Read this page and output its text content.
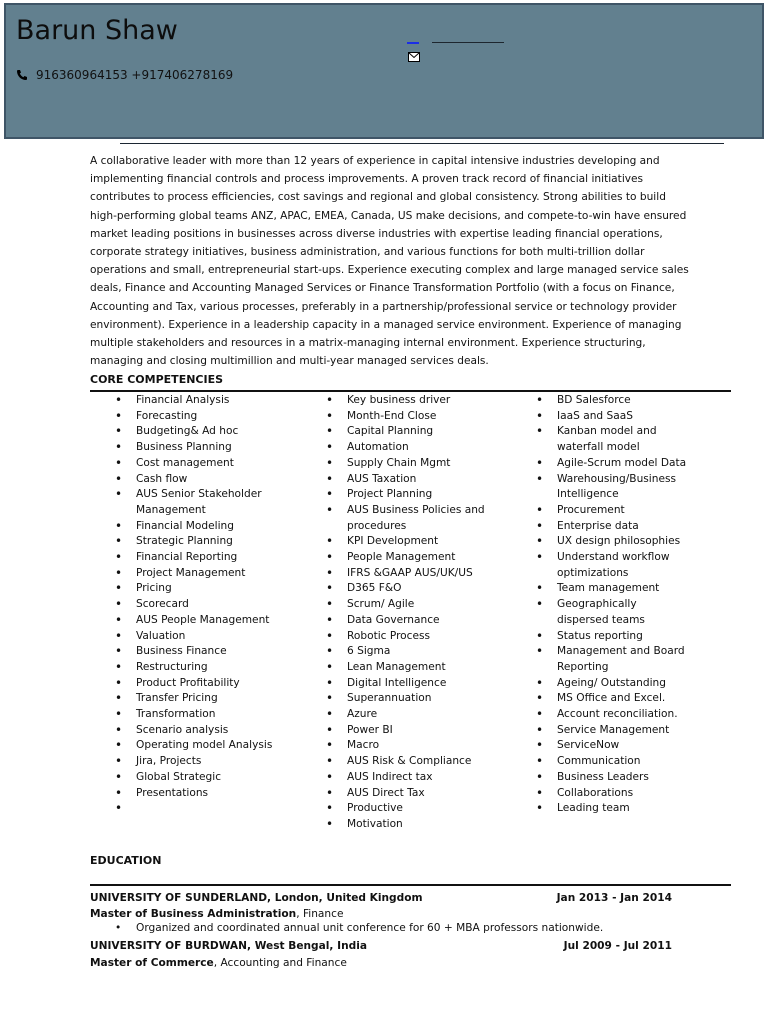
Barun Shaw
916360964153 +917406278169
A collaborative leader with more than 12 years of experience in capital intensive industries developing and implementing financial controls and process improvements. A proven track record of financial initiatives contributes to process efficiencies, cost savings and regional and global consistency. Strong abilities to build high-performing global teams ANZ, APAC, EMEA, Canada, US make decisions, and compete-to-win have ensured market leading positions in businesses across diverse industries with expertise leading financial operations, corporate strategy initiatives, business administration, and various functions for both multi-trillion dollar operations and small, entrepreneurial start-ups. Experience executing complex and large managed service sales deals, Finance and Accounting Managed Services or Finance Transformation Portfolio (with a focus on Finance, Accounting and Tax, various processes, preferably in a partnership/professional service or technology provider environment). Experience in a leadership capacity in a managed service environment. Experience of managing multiple stakeholders and resources in a matrix-managing internal environment. Experience structuring, managing and closing multimillion and multi-year managed services deals.
CORE COMPETENCIES
• Financial Analysis
• Forecasting
• Budgeting& Ad hoc
• Business Planning
• Cost management
• Cash flow
• AUS Senior Stakeholder Management
• Financial Modeling
• Strategic Planning
• Financial Reporting
• Project Management
• Pricing
• Scorecard
• AUS People Management
• Valuation
• Business Finance
• Restructuring
• Product Profitability
• Transfer Pricing
• Transformation
• Scenario analysis
• Operating model Analysis
• Jira, Projects
• Global Strategic
• Presentations
•
• Key business driver
• Month-End Close
• Capital Planning
• Automation
• Supply Chain Mgmt
• AUS Taxation
• Project Planning
• AUS Business Policies and procedures
• KPI Development
• People Management
• IFRS &GAAP AUS/UK/US
• D365 F&O
• Scrum/ Agile
• Data Governance
• Robotic Process
• 6 Sigma
• Lean Management
• Digital Intelligence
• Superannuation
• Azure
• Power BI
• Macro
• AUS Risk & Compliance
• AUS Indirect tax
• AUS Direct Tax
• Productive
• Motivation
• BD Salesforce
• IaaS and SaaS
• Kanban model and waterfall model
• Agile-Scrum model Data
• Warehousing/Business Intelligence
• Procurement
• Enterprise data
• UX design philosophies
• Understand workflow optimizations
• Team management
• Geographically dispersed teams
• Status reporting
• Management and Board Reporting
• Ageing/ Outstanding
• MS Office and Excel.
• Account reconciliation.
• Service Management
• ServiceNow
• Communication
• Business Leaders
• Collaborations
• Leading team
EDUCATION
UNIVERSITY OF SUNDERLAND, London, United Kingdom	Jan 2013 - Jan 2014
Master of Business Administration, Finance
• Organized and coordinated annual unit conference for 60 + MBA professors nationwide.
UNIVERSITY OF BURDWAN, West Bengal, India	Jul 2009 - Jul 2011
Master of Commerce, Accounting and Finance
